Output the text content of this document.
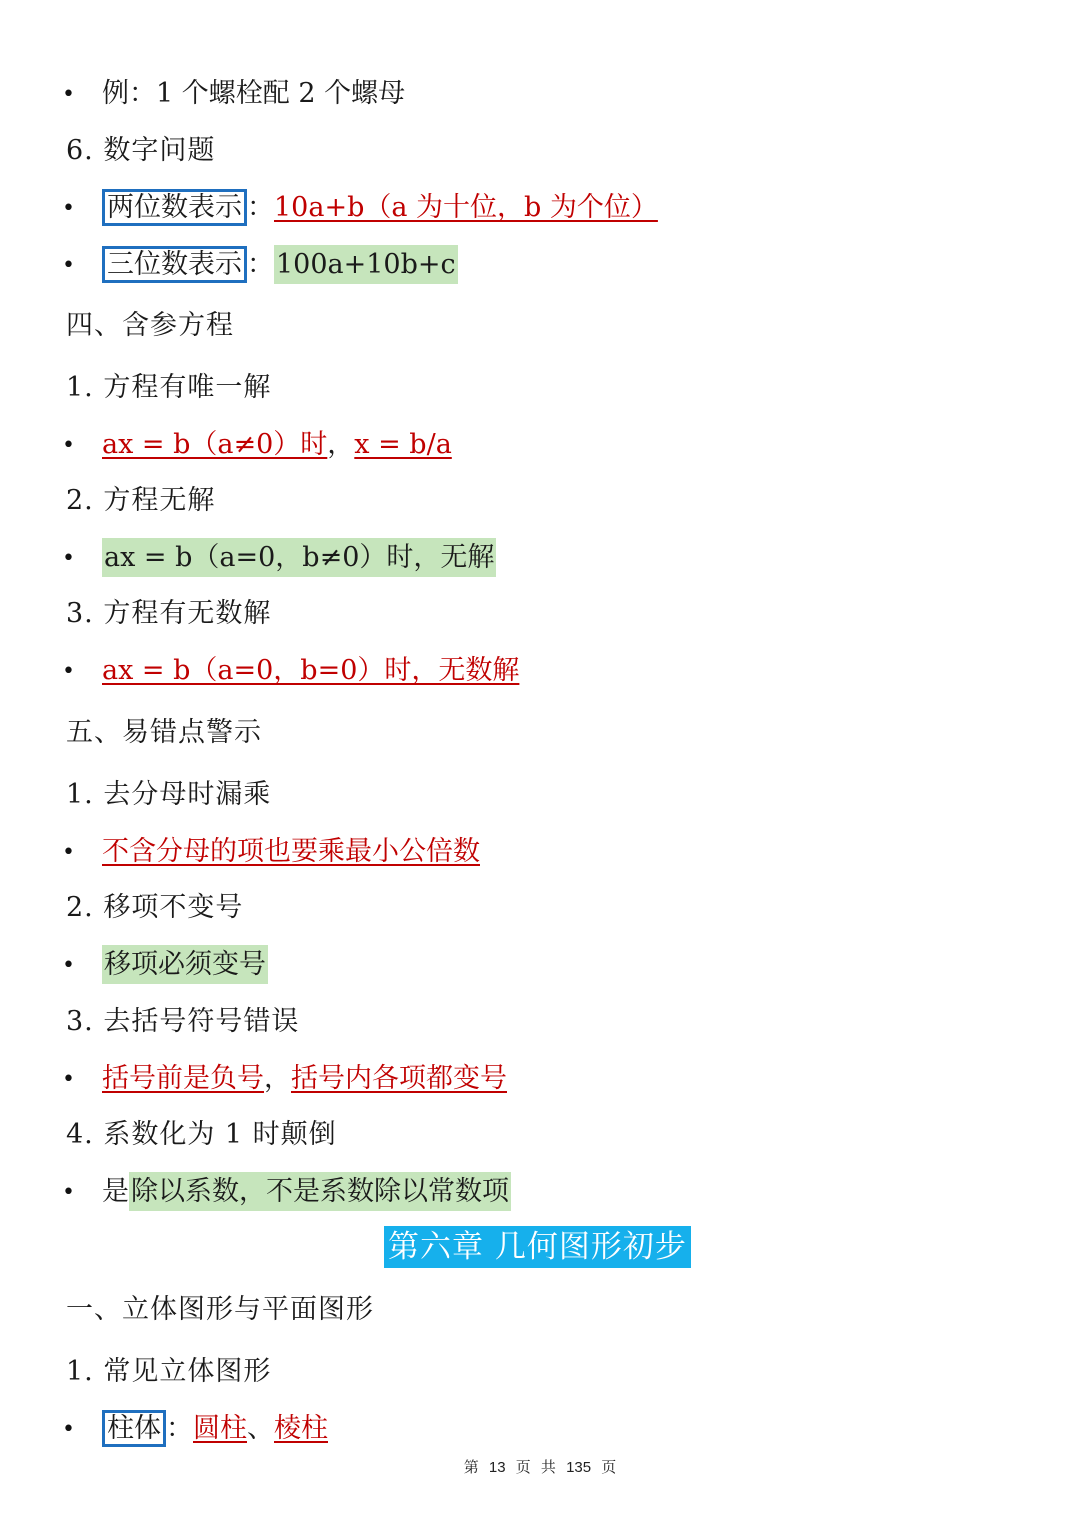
• 例：1 个螺栓配 2 个螺母
6. 数字问题
• 两位数表示 ：10a+b（a 为十位，b 为个位）
• 三位数表示 ：100a+10b+c
四、含参方程
1. 方程有唯一解
• ax = b（a≠0）时，x = b/a
2. 方程无解
• ax = b（a=0，b≠0）时，无解
3. 方程有无数解
• ax = b（a=0，b=0）时，无数解
五、易错点警示
1. 去分母时漏乘
• 不含分母的项也要乘最小公倍数
2. 移项不变号
• 移项必须变号
3. 去括号符号错误
• 括号前是负号，括号内各项都变号
4. 系数化为 1 时颠倒
• 是除以系数，不是系数除以常数项
第六章 几何图形初步
一、立体图形与平面图形
1. 常见立体图形
• 柱体 ：圆柱、棱柱
第 13 页 共 135 页
